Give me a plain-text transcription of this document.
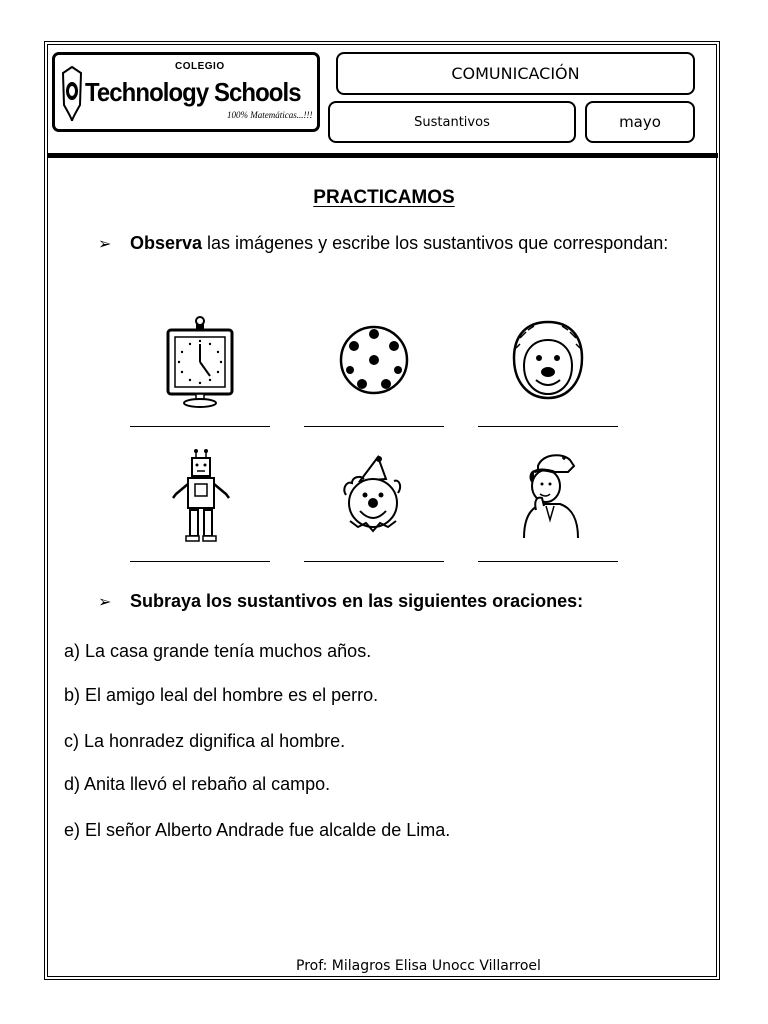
COLEGIO
Technology Schools
100% Matemáticas...!!!
COMUNICACIÓN
Sustantivos	mayo
PRACTICAMOS
➢ Observa las imágenes y escribe los sustantivos que correspondan:
➢ Subraya los sustantivos en las siguientes oraciones:
a) La casa grande tenía muchos años.
b) El amigo leal del hombre es el perro.
c) La honradez dignifica al hombre.
d) Anita llevó el rebaño al campo.
e) El señor Alberto Andrade fue alcalde de Lima.
Prof: Milagros Elisa Unocc Villarroel
